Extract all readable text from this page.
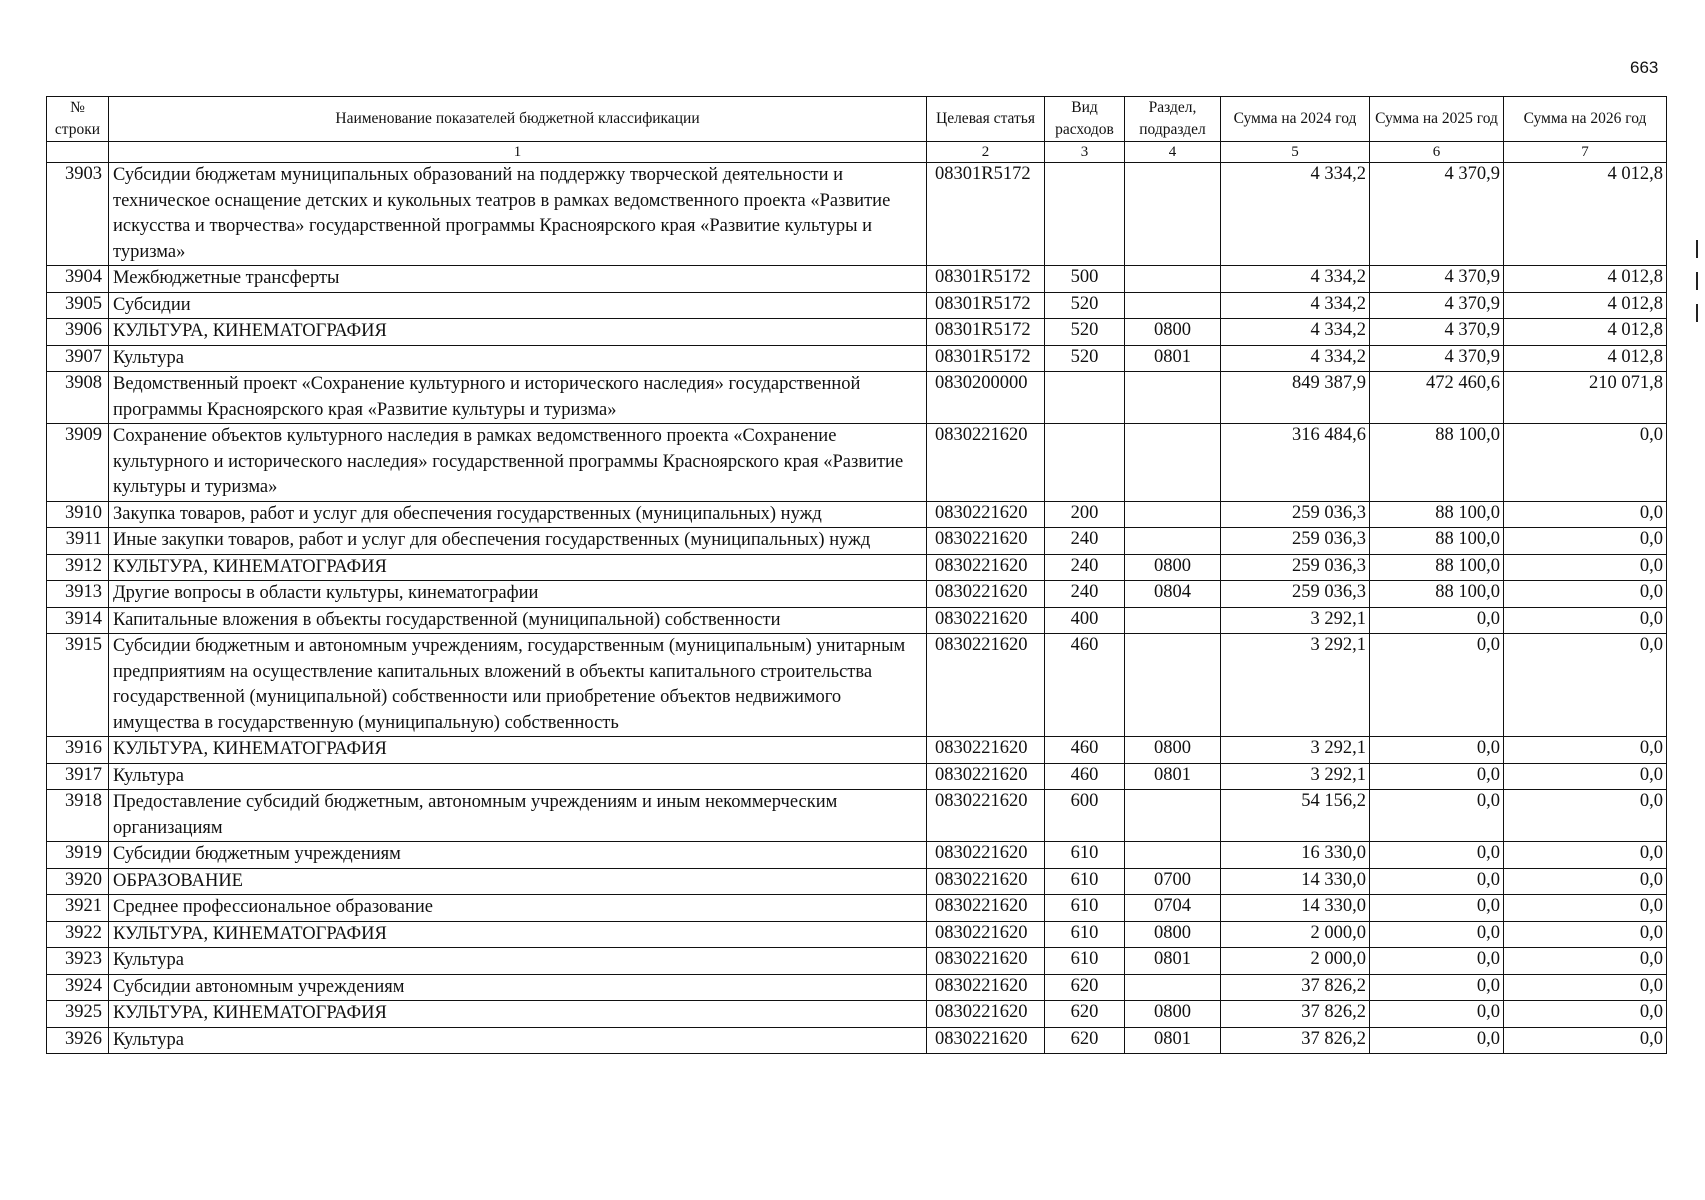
663
№ строки	Наименование показателей бюджетной классификации	Целевая статья	Вид расходов	Раздел, подраздел	Сумма на 2024 год	Сумма на 2025 год	Сумма на 2026 год
	1	2	3	4	5	6	7
3903	Субсидии бюджетам муниципальных образований на поддержку творческой деятельности и техническое оснащение детских и кукольных театров в рамках ведомственного проекта «Развитие искусства и творчества» государственной программы Красноярского края «Развитие культуры и туризма»	08301R5172			4 334,2	4 370,9	4 012,8
3904	Межбюджетные трансферты	08301R5172	500		4 334,2	4 370,9	4 012,8
3905	Субсидии	08301R5172	520		4 334,2	4 370,9	4 012,8
3906	КУЛЬТУРА, КИНЕМАТОГРАФИЯ	08301R5172	520	0800	4 334,2	4 370,9	4 012,8
3907	Культура	08301R5172	520	0801	4 334,2	4 370,9	4 012,8
3908	Ведомственный проект «Сохранение культурного и исторического наследия» государственной программы Красноярского края «Развитие культуры и туризма»	0830200000			849 387,9	472 460,6	210 071,8
3909	Сохранение объектов культурного наследия в рамках ведомственного проекта «Сохранение культурного и исторического наследия» государственной программы Красноярского края «Развитие культуры и туризма»	0830221620			316 484,6	88 100,0	0,0
3910	Закупка товаров, работ и услуг для обеспечения государственных (муниципальных) нужд	0830221620	200		259 036,3	88 100,0	0,0
3911	Иные закупки товаров, работ и услуг для обеспечения государственных (муниципальных) нужд	0830221620	240		259 036,3	88 100,0	0,0
3912	КУЛЬТУРА, КИНЕМАТОГРАФИЯ	0830221620	240	0800	259 036,3	88 100,0	0,0
3913	Другие вопросы в области культуры, кинематографии	0830221620	240	0804	259 036,3	88 100,0	0,0
3914	Капитальные вложения в объекты государственной (муниципальной) собственности	0830221620	400		3 292,1	0,0	0,0
3915	Субсидии бюджетным и автономным учреждениям, государственным (муниципальным) унитарным предприятиям на осуществление капитальных вложений в объекты капитального строительства государственной (муниципальной) собственности или приобретение объектов недвижимого имущества в государственную (муниципальную) собственность	0830221620	460		3 292,1	0,0	0,0
3916	КУЛЬТУРА, КИНЕМАТОГРАФИЯ	0830221620	460	0800	3 292,1	0,0	0,0
3917	Культура	0830221620	460	0801	3 292,1	0,0	0,0
3918	Предоставление субсидий бюджетным, автономным учреждениям и иным некоммерческим организациям	0830221620	600		54 156,2	0,0	0,0
3919	Субсидии бюджетным учреждениям	0830221620	610		16 330,0	0,0	0,0
3920	ОБРАЗОВАНИЕ	0830221620	610	0700	14 330,0	0,0	0,0
3921	Среднее профессиональное образование	0830221620	610	0704	14 330,0	0,0	0,0
3922	КУЛЬТУРА, КИНЕМАТОГРАФИЯ	0830221620	610	0800	2 000,0	0,0	0,0
3923	Культура	0830221620	610	0801	2 000,0	0,0	0,0
3924	Субсидии автономным учреждениям	0830221620	620		37 826,2	0,0	0,0
3925	КУЛЬТУРА, КИНЕМАТОГРАФИЯ	0830221620	620	0800	37 826,2	0,0	0,0
3926	Культура	0830221620	620	0801	37 826,2	0,0	0,0
